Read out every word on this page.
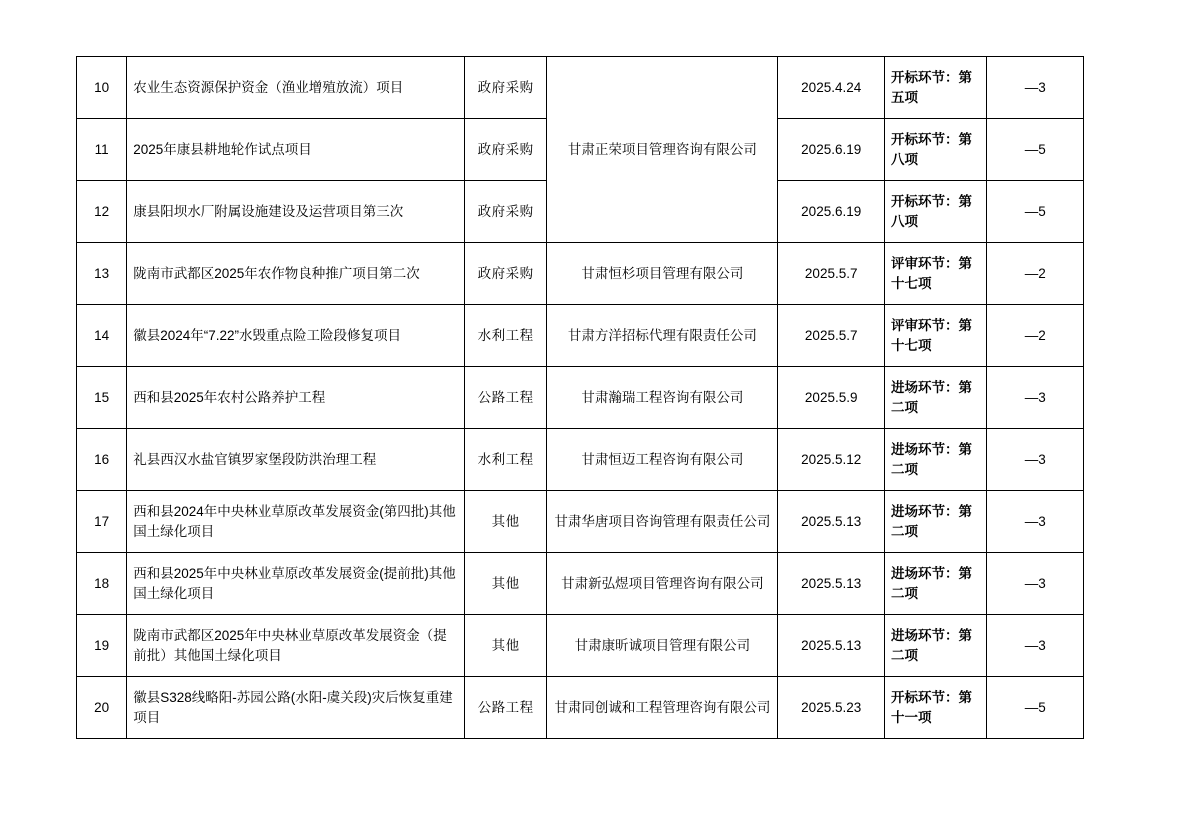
10	农业生态资源保护资金（渔业增殖放流）项目	政府采购	甘肃正荣项目管理咨询有限公司	2025.4.24	开标环节：第五项	—3
11	2025年康县耕地轮作试点项目	政府采购		2025.6.19	开标环节：第八项	—5
12	康县阳坝水厂附属设施建设及运营项目第三次	政府采购		2025.6.19	开标环节：第八项	—5
13	陇南市武都区2025年农作物良种推广项目第二次	政府采购	甘肃恒杉项目管理有限公司	2025.5.7	评审环节：第十七项	—2
14	徽县2024年“7.22”水毁重点险工险段修复项目	水利工程	甘肃方洋招标代理有限责任公司	2025.5.7	评审环节：第十七项	—2
15	西和县2025年农村公路养护工程	公路工程	甘肃瀚瑞工程咨询有限公司	2025.5.9	进场环节：第二项	—3
16	礼县西汉水盐官镇罗家堡段防洪治理工程	水利工程	甘肃恒迈工程咨询有限公司	2025.5.12	进场环节：第二项	—3
17	西和县2024年中央林业草原改革发展资金(第四批)其他国土绿化项目	其他	甘肃华唐项目咨询管理有限责任公司	2025.5.13	进场环节：第二项	—3
18	西和县2025年中央林业草原改革发展资金(提前批)其他国土绿化项目	其他	甘肃新弘煜项目管理咨询有限公司	2025.5.13	进场环节：第二项	—3
19	陇南市武都区2025年中央林业草原改革发展资金（提前批）其他国土绿化项目	其他	甘肃康昕诚项目管理有限公司	2025.5.13	进场环节：第二项	—3
20	徽县S328线略阳-苏园公路(水阳-虞关段)灾后恢复重建项目	公路工程	甘肃同创诚和工程管理咨询有限公司	2025.5.23	开标环节：第十一项	—5
